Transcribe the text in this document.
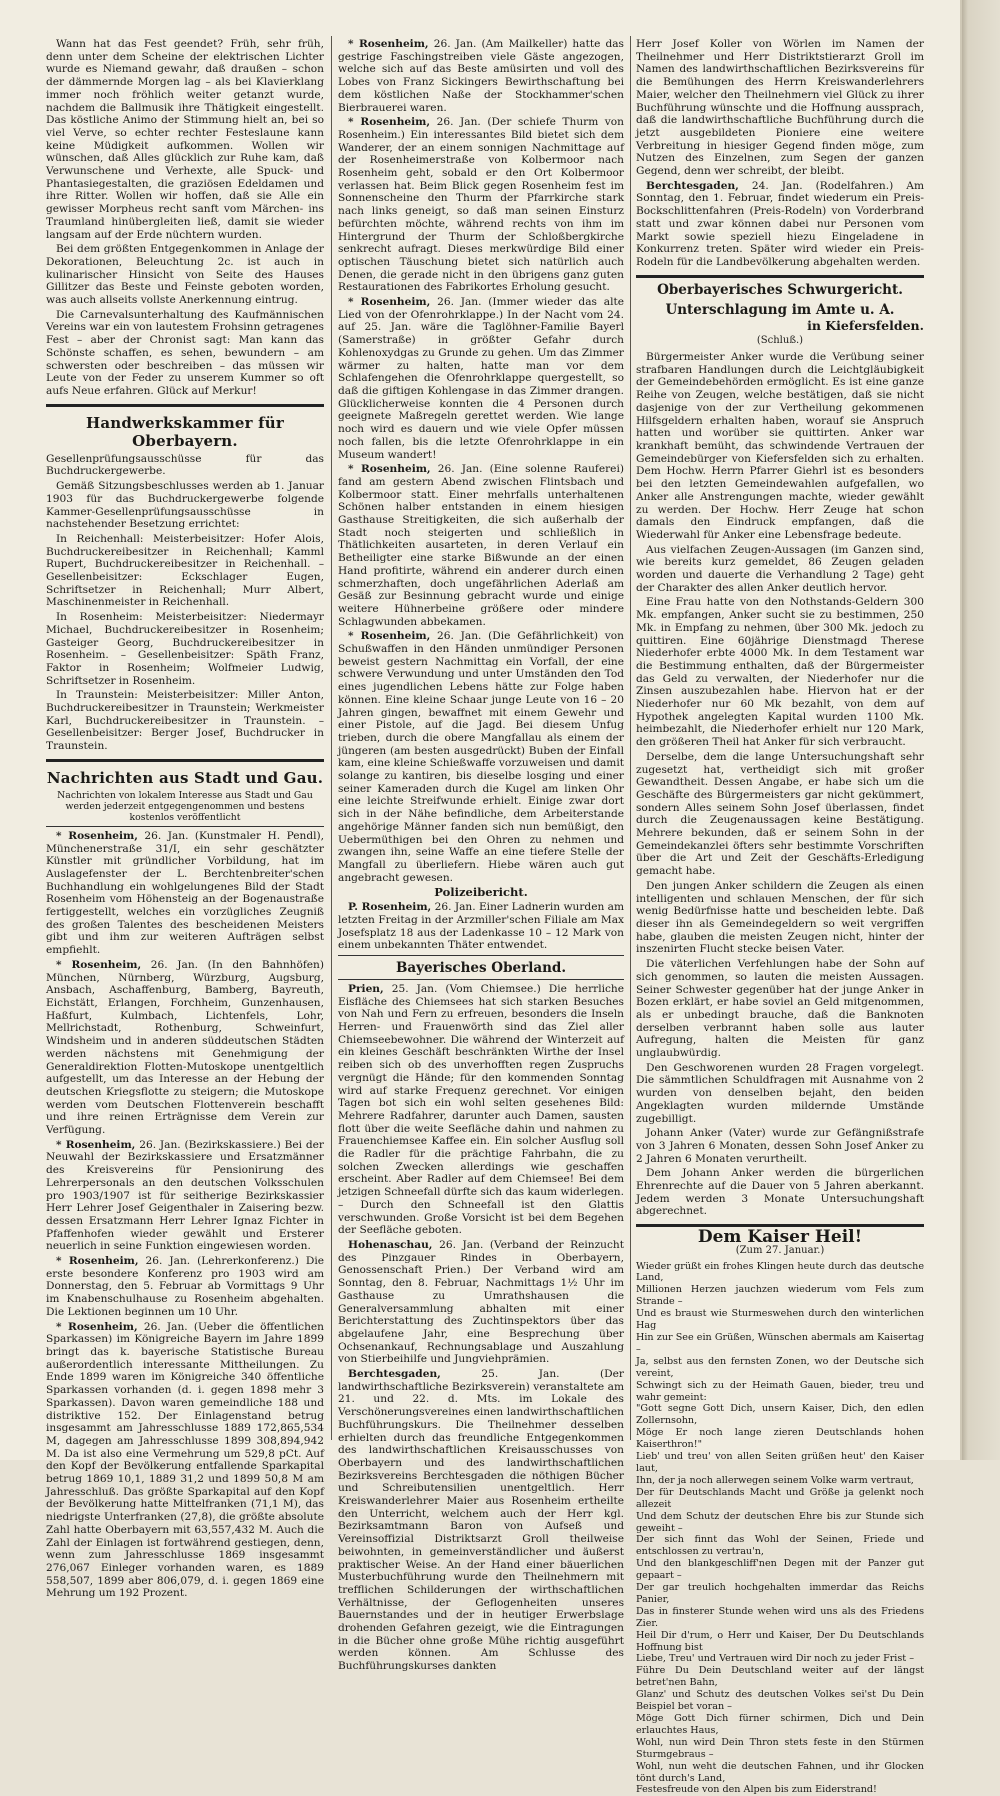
Wann hat das Fest geendet? Früh, sehr früh, denn unter dem Scheine der elektrischen Lichter wurde es Niemand gewahr, daß draußen – schon der dämmernde Morgen lag – als bei Klavierklang immer noch fröhlich weiter getanzt wurde, nachdem die Ballmusik ihre Thätigkeit eingestellt. Das köstliche Animo der Stimmung hielt an, bei so viel Verve, so echter rechter Festeslaune kann keine Müdigkeit aufkommen. Wollen wir wünschen, daß Alles glücklich zur Ruhe kam, daß Verwunschene und Verhexte, alle Spuck- und Phantasiegestalten, die graziösen Edeldamen und ihre Ritter. Wollen wir hoffen, daß sie Alle ein gewisser Morpheus recht sanft vom Märchen- ins Traumland hinübergleiten ließ, damit sie wieder langsam auf der Erde nüchtern wurden.

Bei dem größten Entgegenkommen in Anlage der Dekorationen, Beleuchtung 2c. ist auch in kulinarischer Hinsicht von Seite des Hauses Gillitzer das Beste und Feinste geboten worden, was auch allseits vollste Anerkennung eintrug.

Die Carnevalsunterhaltung des Kaufmännischen Vereins war ein von lautestem Frohsinn getragenes Fest – aber der Chronist sagt: Man kann das Schönste schaffen, es sehen, bewundern – am schwersten oder beschreiben – das müssen wir Leute von der Feder zu unserem Kummer so oft aufs Neue erfahren. Glück auf Merkur!

Handwerkskammer für Oberbayern.

Gesellenprüfungsausschüsse für das Buchdruckergewerbe.

Gemäß Sitzungsbeschlusses werden ab 1. Januar 1903 für das Buchdruckergewerbe folgende Kammer-Gesellenprüfungsausschüsse in nachstehender Besetzung errichtet:

In Reichenhall: Meisterbeisitzer: Hofer Alois, Buchdruckereibesitzer in Reichenhall; Kamml Rupert, Buchdruckereibesitzer in Reichenhall. – Gesellenbeisitzer: Eckschlager Eugen, Schriftsetzer in Reichenhall; Murr Albert, Maschinenmeister in Reichenhall.

In Rosenheim: Meisterbeisitzer: Niedermayr Michael, Buchdruckereibesitzer in Rosenheim; Gasteiger Georg, Buchdruckereibesitzer in Rosenheim. – Gesellenbeisitzer: Späth Franz, Faktor in Rosenheim; Wolfmeier Ludwig, Schriftsetzer in Rosenheim.

In Traunstein: Meisterbeisitzer: Miller Anton, Buchdruckereibesitzer in Traunstein; Werkmeister Karl, Buchdruckereibesitzer in Traunstein. – Gesellenbeisitzer: Berger Josef, Buchdrucker in Traunstein.

Nachrichten aus Stadt und Gau.
Nachrichten von lokalem Interesse aus Stadt und Gau werden jederzeit entgegengenommen und bestens kostenlos veröffentlicht

* Rosenheim, 26. Jan. (Kunstmaler H. Pendl), Münchenerstraße 31/I, ein sehr geschätzter Künstler mit gründlicher Vorbildung, hat im Auslagefenster der L. Berchtenbreiter'schen Buchhandlung ein wohlgelungenes Bild der Stadt Rosenheim vom Höhensteig an der Bogenaustraße fertiggestellt, welches ein vorzügliches Zeugniß des großen Talentes des bescheidenen Meisters gibt und ihm zur weiteren Aufträgen selbst empfiehlt.

* Rosenheim, 26. Jan. (In den Bahnhöfen) München, Nürnberg, Würzburg, Augsburg, Ansbach, Aschaffenburg, Bamberg, Bayreuth, Eichstätt, Erlangen, Forchheim, Gunzenhausen, Haßfurt, Kulmbach, Lichtenfels, Lohr, Mellrichstadt, Rothenburg, Schweinfurt, Windsheim und in anderen süddeutschen Städten werden nächstens mit Genehmigung der Generaldirektion Flotten-Mutoskope unentgeltlich aufgestellt, um das Interesse an der Hebung der deutschen Kriegsflotte zu steigern; die Mutoskope werden vom Deutschen Flottenverein beschafft und ihre reinen Erträgnisse dem Verein zur Verfügung.

* Rosenheim, 26. Jan. (Bezirkskassiere.) Bei der Neuwahl der Bezirkskassiere und Ersatzmänner des Kreisvereins für Pensionirung des Lehrerpersonals an den deutschen Volksschulen pro 1903/1907 ist für seitherige Bezirkskassier Herr Lehrer Josef Geigenthaler in Zaisering bezw. dessen Ersatzmann Herr Lehrer Ignaz Fichter in Pfaffenhofen wieder gewählt und Ersterer neuerlich in seine Funktion eingewiesen worden.

* Rosenheim, 26. Jan. (Lehrerkonferenz.) Die erste besondere Konferenz pro 1903 wird am Donnerstag, den 5. Februar ab Vormittags 9 Uhr im Knabenschulhause zu Rosenheim abgehalten. Die Lektionen beginnen um 10 Uhr.

* Rosenheim, 26. Jan. (Ueber die öffentlichen Sparkassen) im Königreiche Bayern im Jahre 1899 bringt das k. bayerische Statistische Bureau außerordentlich interessante Mittheilungen. Zu Ende 1899 waren im Königreiche 340 öffentliche Sparkassen vorhanden (d. i. gegen 1898 mehr 3 Sparkassen). Davon waren gemeindliche 188 und distriktive 152. Der Einlagenstand betrug insgesammt am Jahresschlusse 1889 172,865,534 M, dagegen am Jahresschlusse 1899 308,894,942 M. Da ist also eine Vermehrung um 529,8 pCt. Auf den Kopf der Bevölkerung entfallende Sparkapital betrug 1869 10,1, 1889 31,2 und 1899 50,8 M am Jahresschluß. Das größte Sparkapital auf den Kopf der Bevölkerung hatte Mittelfranken (71,1 M), das niedrigste Unterfranken (27,8), die größte absolute Zahl hatte Oberbayern mit 63,557,432 M. Auch die Zahl der Einlagen ist fortwährend gestiegen, denn, wenn zum Jahresschlusse 1869 insgesammt 276,067 Einleger vorhanden waren, es 1889 558,507, 1899 aber 806,079, d. i. gegen 1869 eine Mehrung um 192 Prozent.

* Rosenheim, 26. Jan. (Am Mailkeller) hatte das gestrige Faschingstreiben viele Gäste angezogen, welche sich auf das Beste amüsirten und voll des Lobes von Franz Sickingers Bewirthschaftung bei dem köstlichen Naße der Stockhammer'schen Bierbrauerei waren.

* Rosenheim, 26. Jan. (Der schiefe Thurm von Rosenheim.) Ein interessantes Bild bietet sich dem Wanderer, der an einem sonnigen Nachmittage auf der Rosenheimerstraße von Kolbermoor nach Rosenheim geht, sobald er den Ort Kolbermoor verlassen hat. Beim Blick gegen Rosenheim fest im Sonnenscheine den Thurm der Pfarrkirche stark nach links geneigt, so daß man seinen Einsturz befürchten möchte, während rechts von ihm im Hintergrund der Thurm der Schloßbergkirche senkrecht aufragt. Dieses merkwürdige Bild einer optischen Täuschung bietet sich natürlich auch Denen, die gerade nicht in den übrigens ganz guten Restaurationen des Fabrikortes Erholung gesucht.

* Rosenheim, 26. Jan. (Immer wieder das alte Lied von der Ofenrohrklappe.) In der Nacht vom 24. auf 25. Jan. wäre die Taglöhner-Familie Bayerl (Samerstraße) in größter Gefahr durch Kohlenoxydgas zu Grunde zu gehen. Um das Zimmer wärmer zu halten, hatte man vor dem Schlafengehen die Ofenrohrklappe quergestellt, so daß die giftigen Kohlengase in das Zimmer drangen. Glücklicherweise konnten die 4 Personen durch geeignete Maßregeln gerettet werden. Wie lange noch wird es dauern und wie viele Opfer müssen noch fallen, bis die letzte Ofenrohrklappe in ein Museum wandert!

* Rosenheim, 26. Jan. (Eine solenne Rauferei) fand am gestern Abend zwischen Flintsbach und Kolbermoor statt. Einer mehrfalls unterhaltenen Schönen halber entstanden in einem hiesigen Gasthause Streitigkeiten, die sich außerhalb der Stadt noch steigerten und schließlich in Thätlichkeiten ausarteten, in deren Verlauf ein Betheiligter eine starke Bißwunde an der einen Hand profitirte, während ein anderer durch einen schmerzhaften, doch ungefährlichen Aderlaß am Gesäß zur Besinnung gebracht wurde und einige weitere Hühnerbeine größere oder mindere Schlagwunden abbekamen.

* Rosenheim, 26. Jan. (Die Gefährlichkeit) von Schußwaffen in den Händen unmündiger Personen beweist gestern Nachmittag ein Vorfall, der eine schwere Verwundung und unter Umständen den Tod eines jugendlichen Lebens hätte zur Folge haben können. Eine kleine Schaar junge Leute von 16 – 20 Jahren gingen, bewaffnet mit einem Gewehr und einer Pistole, auf die Jagd. Bei diesem Unfug trieben, durch die obere Mangfallau als einem der jüngeren (am besten ausgedrückt) Buben der Einfall kam, eine kleine Schießwaffe vorzuweisen und damit solange zu kantiren, bis dieselbe losging und einer seiner Kameraden durch die Kugel am linken Ohr eine leichte Streifwunde erhielt. Einige zwar dort sich in der Nähe befindliche, dem Arbeiterstande angehörige Männer fanden sich nun bemüßigt, den Uebermüthigen bei den Ohren zu nehmen und zwangen ihn, seine Waffe an eine tiefere Stelle der Mangfall zu überliefern. Hiebe wären auch gut angebracht gewesen.

Polizeibericht.

P. Rosenheim, 26. Jan. Einer Ladnerin wurden am letzten Freitag in der Arzmiller'schen Filiale am Max Josefsplatz 18 aus der Ladenkasse 10 – 12 Mark von einem unbekannten Thäter entwendet.

Bayerisches Oberland.

Prien, 25. Jan. (Vom Chiemsee.) Die herrliche Eisfläche des Chiemsees hat sich starken Besuches von Nah und Fern zu erfreuen, besonders die Inseln Herren- und Frauenwörth sind das Ziel aller Chiemseebewohner. Die während der Winterzeit auf ein kleines Geschäft beschränkten Wirthe der Insel reiben sich ob des unverhofften regen Zuspruchs vergnügt die Hände; für den kommenden Sonntag wird auf starke Frequenz gerechnet. Vor einigen Tagen bot sich ein wohl selten gesehenes Bild: Mehrere Radfahrer, darunter auch Damen, sausten flott über die weite Seefläche dahin und nahmen zu Frauenchiemsee Kaffee ein. Ein solcher Ausflug soll die Radler für die prächtige Fahrbahn, die zu solchen Zwecken allerdings wie geschaffen erscheint. Aber Radler auf dem Chiemsee! Bei dem jetzigen Schneefall dürfte sich das kaum widerlegen. – Durch den Schneefall ist den Glattis verschwunden. Große Vorsicht ist bei dem Begehen der Seefläche geboten.

Hohenaschau, 26. Jan. (Verband der Reinzucht des Pinzgauer Rindes in Oberbayern, Genossenschaft Prien.) Der Verband wird am Sonntag, den 8. Februar, Nachmittags 1½ Uhr im Gasthause zu Umrathshausen die Generalversammlung abhalten mit einer Berichterstattung des Zuchtinspektors über das abgelaufene Jahr, eine Besprechung über Ochsenankauf, Rechnungsablage und Auszahlung von Stierbeihilfe und Jungviehprämien.

Berchtesgaden,	25. Jan. (Der landwirthschaftliche Bezirksverein) veranstaltete am 21. und 22. d. Mts. im Lokale des Verschönerungsvereines einen landwirthschaftlichen Buchführungskurs. Die Theilnehmer desselben erhielten durch das freundliche Entgegenkommen des landwirthschaftlichen Kreisausschusses von Oberbayern und des landwirthschaftlichen Bezirksvereins Berchtesgaden die nöthigen Bücher und Schreibutensilien unentgeltlich. Herr Kreiswanderlehrer Maier aus Rosenheim ertheilte den Unterricht, welchem auch der Herr kgl. Bezirksamtmann Baron von Aufseß und Vereinsoffizial Distriktsarzt Groll theilweise beiwohnten, in gemeinverständlicher und äußerst praktischer Weise. An der Hand einer bäuerlichen Musterbuchführung wurde den Theilnehmern mit trefflichen Schilderungen der wirthschaftlichen Verhältnisse, der Geflogenheiten unseres Bauernstandes und der in heutiger Erwerbslage drohenden Gefahren gezeigt, wie die Eintragungen in die Bücher ohne große Mühe richtig ausgeführt werden können. Am Schlusse des Buchführungskurses dankten

Herr Josef Koller von Wörlen im Namen der Theilnehmer und Herr Distriktstierarzt Groll im Namen des landwirthschaftlichen Bezirksvereins für die Bemühungen des Herrn Kreiswanderlehrers Maier, welcher den Theilnehmern viel Glück zu ihrer Buchführung wünschte und die Hoffnung aussprach, daß die landwirthschaftliche Buchführung durch die jetzt ausgebildeten Pioniere eine weitere Verbreitung in hiesiger Gegend finden möge, zum Nutzen des Einzelnen, zum Segen der ganzen Gegend, denn wer schreibt, der bleibt.

Berchtesgaden, 24. Jan. (Rodelfahren.) Am Sonntag, den 1. Februar, findet wiederum ein Preis-Bockschlittenfahren (Preis-Rodeln) von Vorderbrand statt und zwar können dabei nur Personen vom Markt sowie speziell hiezu Eingeladene in Konkurrenz treten. Später wird wieder ein Preis-Rodeln für die Landbevölkerung abgehalten werden.

Oberbayerisches Schwurgericht.
Unterschlagung im Amte u. A.
in Kiefersfelden.
(Schluß.)

Bürgermeister Anker wurde die Verübung seiner strafbaren Handlungen durch die Leichtgläubigkeit der Gemeindebehörden ermöglicht. Es ist eine ganze Reihe von Zeugen, welche bestätigen, daß sie nicht dasjenige von der zur Vertheilung gekommenen Hilfsgeldern erhalten haben, worauf sie Anspruch hatten und worüber sie quittirten. Anker war krankhaft bemüht, das schwindende Vertrauen der Gemeindebürger von Kiefersfelden sich zu erhalten. Dem Hochw. Herrn Pfarrer Giehrl ist es besonders bei den letzten Gemeindewahlen aufgefallen, wo Anker alle Anstrengungen machte, wieder gewählt zu werden. Der Hochw. Herr Zeuge hat schon damals den Eindruck empfangen, daß die Wiederwahl für Anker eine Lebensfrage bedeute.

Aus vielfachen Zeugen-Aussagen (im Ganzen sind, wie bereits kurz gemeldet, 86 Zeugen geladen worden und dauerte die Verhandlung 2 Tage) geht der Charakter des allen Anker deutlich hervor.

Eine Frau hatte von den Nothstands-Geldern 300 Mk. empfangen, Anker sucht sie zu bestimmen, 250 Mk. in Empfang zu nehmen, über 300 Mk. jedoch zu quittiren. Eine 60jährige Dienstmagd Therese Niederhofer erbte 4000 Mk. In dem Testament war die Bestimmung enthalten, daß der Bürgermeister das Geld zu verwalten, der Niederhofer nur die Zinsen auszubezahlen habe. Hiervon hat er der Niederhofer nur 60 Mk bezahlt, von dem auf Hypothek angelegten Kapital wurden 1100 Mk. heimbezahlt, die Niederhofer erhielt nur 120 Mark, den größeren Theil hat Anker für sich verbraucht.

Derselbe, dem die lange Untersuchungshaft sehr zugesetzt hat, vertheidigt sich mit großer Gewandtheit. Dessen Angabe, er habe sich um die Geschäfte des Bürgermeisters gar nicht gekümmert, sondern Alles seinem Sohn Josef überlassen, findet durch die Zeugenaussagen keine Bestätigung. Mehrere bekunden, daß er seinem Sohn in der Gemeindekanzlei öfters sehr bestimmte Vorschriften über die Art und Zeit der Geschäfts-Erledigung gemacht habe.

Den jungen Anker schildern die Zeugen als einen intelligenten und schlauen Menschen, der für sich wenig Bedürfnisse hatte und bescheiden lebte. Daß dieser ihn als Gemeindegeldern so weit vergriffen habe, glauben die meisten Zeugen nicht, hinter der inszenirten Flucht stecke beisen Vater.

Die väterlichen Verfehlungen habe der Sohn auf sich genommen, so lauten die meisten Aussagen. Seiner Schwester gegenüber hat der junge Anker in Bozen erklärt, er habe soviel an Geld mitgenommen, als er unbedingt brauche, daß die Banknoten derselben verbrannt haben solle aus lauter Aufregung, halten die Meisten für ganz unglaubwürdig.

Den Geschworenen wurden 28 Fragen vorgelegt. Die sämmtlichen Schuldfragen mit Ausnahme von 2 wurden von denselben bejaht, den beiden Angeklagten wurden mildernde Umstände zugebilligt.

Johann Anker (Vater) wurde zur Gefängnißstrafe von 3 Jahren 6 Monaten, dessen Sohn Josef Anker zu 2 Jahren 6 Monaten verurtheilt.

Dem Johann Anker werden die bürgerlichen Ehrenrechte auf die Dauer von 5 Jahren aberkannt. Jedem werden 3 Monate Untersuchungshaft abgerechnet.

Dem Kaiser Heil!
(Zum 27. Januar.)
Wieder grüßt ein frohes Klingen heute durch das deutsche Land,
Millionen Herzen jauchzen wiederum vom Fels zum Strande –
Und es braust wie Sturmeswehen durch den winterlichen Hag
Hin zur See ein Grüßen, Wünschen abermals am Kaisertag –
Ja, selbst aus den fernsten Zonen, wo der Deutsche sich vereint,
Schwingt sich zu der Heimath Gauen, bieder, treu und wahr gemeint:
"Gott segne Gott Dich, unsern Kaiser, Dich, den edlen Zollernsohn,
Möge Er noch lange zieren Deutschlands hohen Kaiserthron!"
Lieb' und treu' von allen Seiten grüßen heut' den Kaiser laut,
Ihn, der ja noch allerwegen seinem Volke warm vertraut,
Der für Deutschlands Macht und Größe ja gelenkt noch allezeit
Und dem Schutz der deutschen Ehre bis zur Stunde sich geweiht –
Der sich finnt das Wohl der Seinen, Friede und entschlossen zu vertrau'n,
Und den blankgeschliff'nen Degen mit der Panzer gut gepaart –
Der gar treulich hochgehalten immerdar das Reichs Panier,
Das in finsterer Stunde wehen wird uns als des Friedens Zier.
Heil Dir d'rum, o Herr und Kaiser, Der Du Deutschlands Hoffnung bist
Liebe, Treu' und Vertrauen wird Dir noch zu jeder Frist –
Führe Du Dein Deutschland weiter auf der längst betret'nen Bahn,
Glanz' und Schutz des deutschen Volkes sei'st Du Dein Beispiel bet voran –
Möge Gott Dich fürner schirmen, Dich und Dein erlauchtes Haus,
Wohl, nun wird Dein Thron stets feste in den Stürmen Sturmgebraus –
Wohl, nun weht die deutschen Fahnen, und ihr Glocken tönt durch's Land,
Festesfreude von den Alpen bis zum Eiderstrand!
